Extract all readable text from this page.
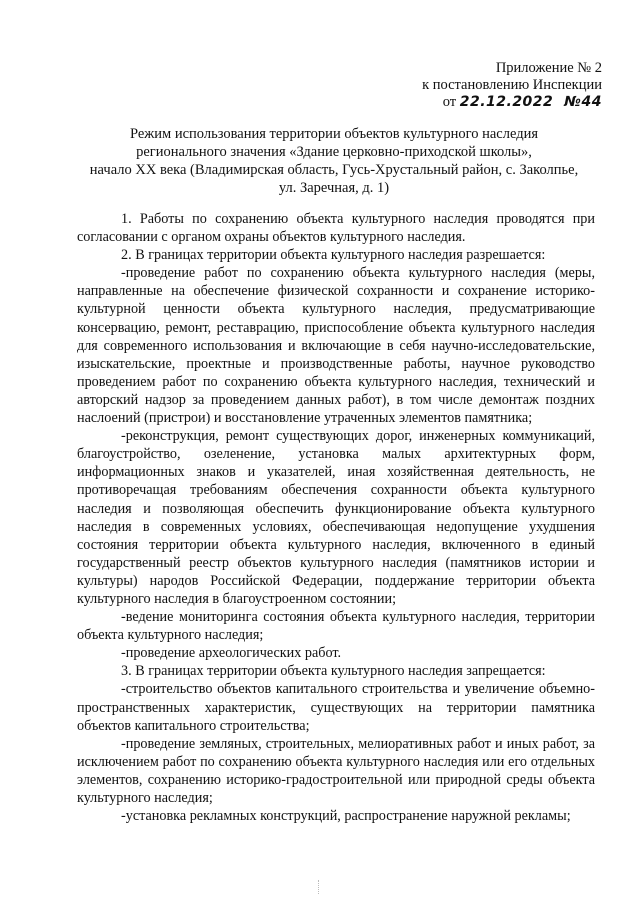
Приложение № 2
к постановлению Инспекции
от 22.12.2022 №44
Режим использования территории объектов культурного наследия
регионального значения «Здание церковно-приходской школы»,
начало XX века (Владимирская область, Гусь-Хрустальный район, с. Заколпье,
ул. Заречная, д. 1)

1. Работы по сохранению объекта культурного наследия проводятся при согласовании с органом охраны объектов культурного наследия.

2. В границах территории объекта культурного наследия разрешается:

-проведение работ по сохранению объекта культурного наследия (меры, направленные на обеспечение физической сохранности и сохранение историко-культурной ценности объекта культурного наследия, предусматривающие консервацию, ремонт, реставрацию, приспособление объекта культурного наследия для современного использования и включающие в себя научно-исследовательские, изыскательские, проектные и производственные работы, научное руководство проведением работ по сохранению объекта культурного наследия, технический и авторский надзор за проведением данных работ), в том числе демонтаж поздних наслоений (пристрои) и восстановление утраченных элементов памятника;

-реконструкция, ремонт существующих дорог, инженерных коммуникаций, благоустройство, озеленение, установка малых архитектурных форм, информационных знаков и указателей, иная хозяйственная деятельность, не противоречащая требованиям обеспечения сохранности объекта культурного наследия и позволяющая обеспечить функционирование объекта культурного наследия в современных условиях, обеспечивающая недопущение ухудшения состояния территории объекта культурного наследия, включенного в единый государственный реестр объектов культурного наследия (памятников истории и культуры) народов Российской Федерации, поддержание территории объекта культурного наследия в благоустроенном состоянии;

-ведение мониторинга состояния объекта культурного наследия, территории объекта культурного наследия;

-проведение археологических работ.

3. В границах территории объекта культурного наследия запрещается:

-строительство объектов капитального строительства и увеличение объемно-пространственных характеристик, существующих на территории памятника объектов капитального строительства;

-проведение земляных, строительных, мелиоративных работ и иных работ, за исключением работ по сохранению объекта культурного наследия или его отдельных элементов, сохранению историко-градостроительной или природной среды объекта культурного наследия;

-установка рекламных конструкций, распространение наружной рекламы;
